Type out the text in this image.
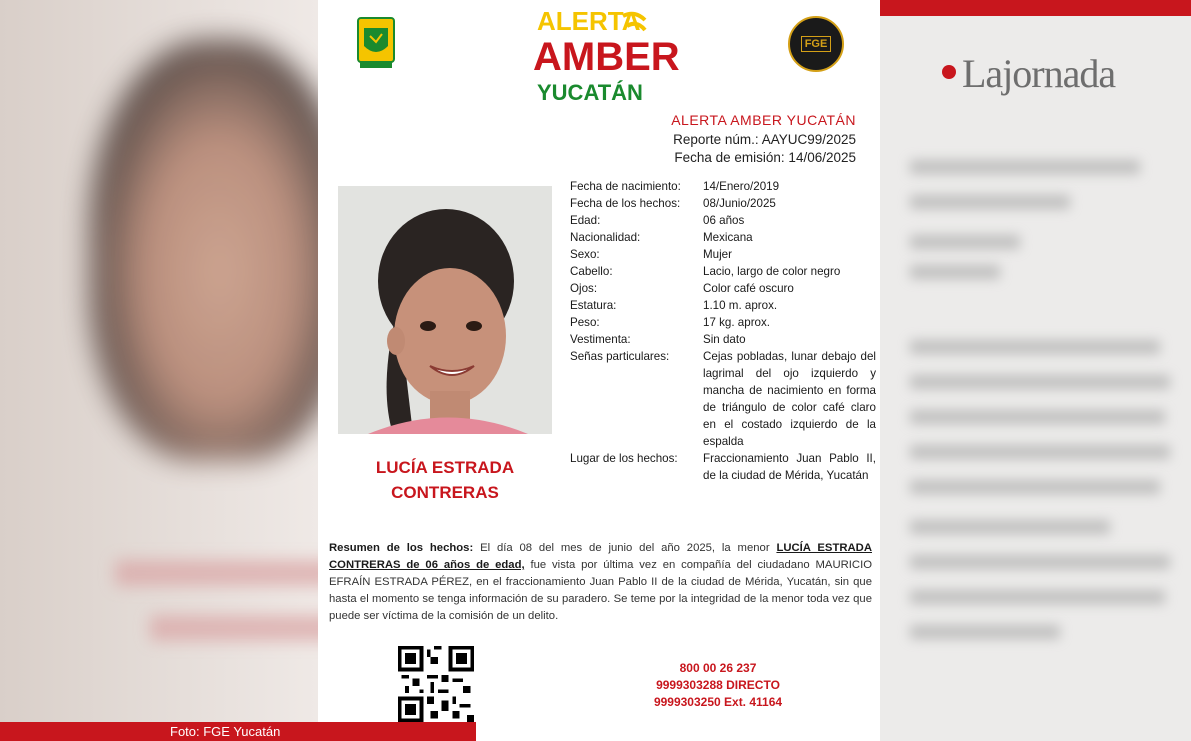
Lajornada
ALERTA
AMBER
YUCATÁN
FGE
ALERTA AMBER YUCATÁN
Reporte núm.: AAYUC99/2025
Fecha de emisión: 14/06/2025
LUCÍA ESTRADA
CONTRERAS
Fecha de nacimiento:	14/Enero/2019
Fecha de los hechos:	08/Junio/2025
Edad:	06 años
Nacionalidad:	Mexicana
Sexo:	Mujer
Cabello:	Lacio, largo de color negro
Ojos:	Color café oscuro
Estatura:	1.10 m. aprox.
Peso:	17 kg. aprox.
Vestimenta:	Sin dato
Señas particulares:	Cejas pobladas, lunar debajo del lagrimal del ojo izquierdo y mancha de nacimiento en forma de triángulo de color café claro en el costado izquierdo de la espalda
Lugar de los hechos:	Fraccionamiento Juan Pablo II, de la ciudad de Mérida, Yucatán
Resumen de los hechos: El día 08 del mes de junio del año 2025, la menor LUCÍA ESTRADA CONTRERAS de 06 años de edad, fue vista por última vez en compañía del ciudadano MAURICIO EFRAÍN ESTRADA PÉREZ, en el fraccionamiento Juan Pablo II de la ciudad de Mérida, Yucatán, sin que hasta el momento se tenga información de su paradero. Se teme por la integridad de la menor toda vez que puede ser víctima de la comisión de un delito.
800 00 26 237
9999303288 DIRECTO
9999303250 Ext. 41164
Foto: FGE Yucatán
